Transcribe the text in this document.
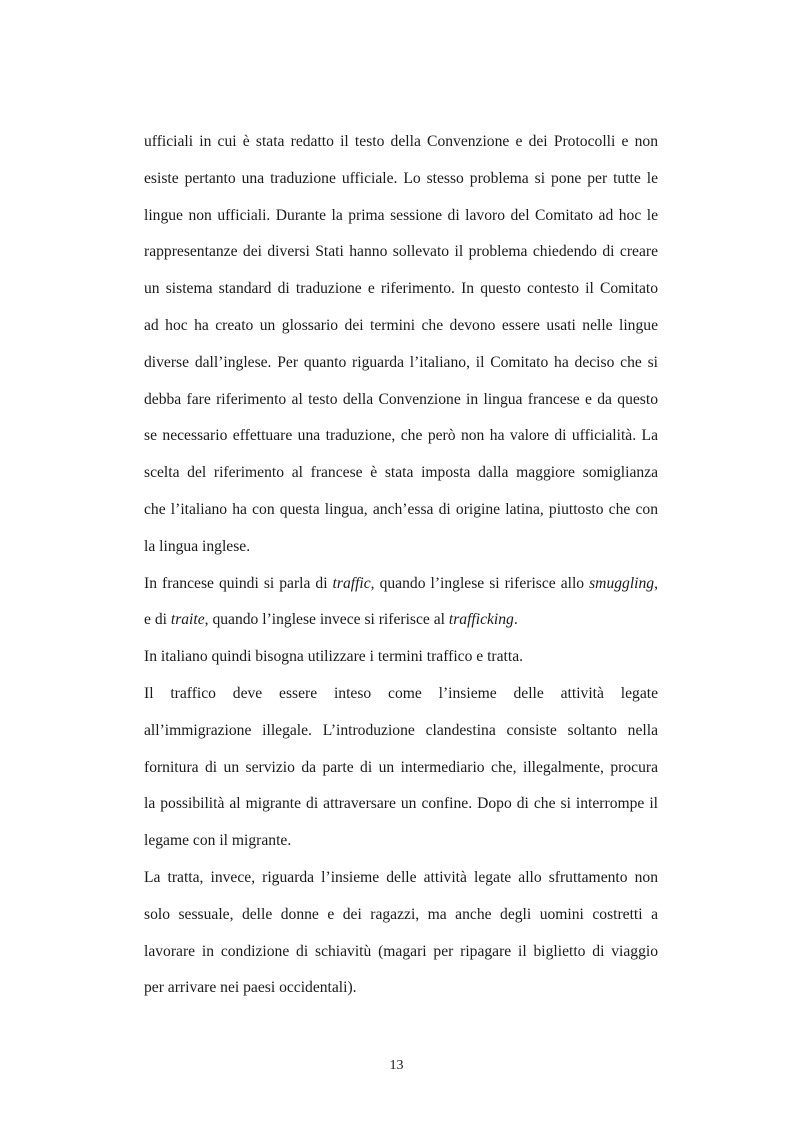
ufficiali in cui è stata redatto il testo della Convenzione e dei Protocolli e non
esiste pertanto una traduzione ufficiale. Lo stesso problema si pone per tutte le
lingue non ufficiali. Durante la prima sessione di lavoro del Comitato ad hoc le
rappresentanze dei diversi Stati hanno sollevato il problema chiedendo di creare
un sistema standard di traduzione e riferimento. In questo contesto il Comitato
ad hoc ha creato un glossario dei termini che devono essere usati nelle lingue
diverse dall’inglese. Per quanto riguarda l’italiano, il Comitato ha deciso che si
debba fare riferimento al testo della Convenzione in lingua francese e da questo
se necessario effettuare una traduzione, che però non ha valore di ufficialità. La
scelta del riferimento al francese è stata imposta dalla maggiore somiglianza
che l’italiano ha con questa lingua, anch’essa di origine latina, piuttosto che con
la lingua inglese.
In francese quindi si parla di traffic, quando l’inglese si riferisce allo smuggling,
e di traite, quando l’inglese invece si riferisce al trafficking.
In italiano quindi bisogna utilizzare i termini traffico e tratta.
Il traffico deve essere inteso come l’insieme delle attività legate
all’immigrazione illegale. L’introduzione clandestina consiste soltanto nella
fornitura di un servizio da parte di un intermediario che, illegalmente, procura
la possibilità al migrante di attraversare un confine. Dopo di che si interrompe il
legame con il migrante.
La tratta, invece, riguarda l’insieme delle attività legate allo sfruttamento non
solo sessuale, delle donne e dei ragazzi, ma anche degli uomini costretti a
lavorare in condizione di schiavitù (magari per ripagare il biglietto di viaggio
per arrivare nei paesi occidentali).
13
